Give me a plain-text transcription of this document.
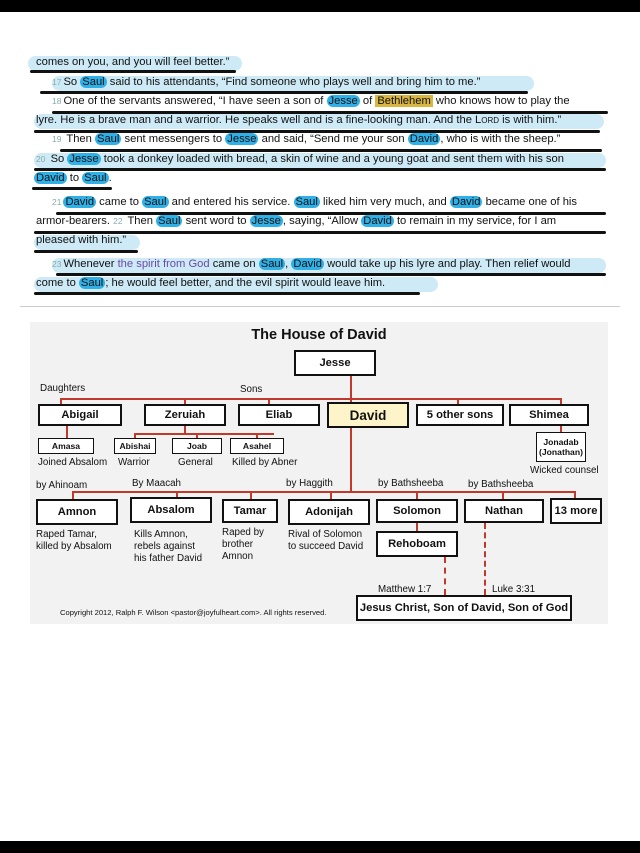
comes on you, and you will feel better.”
17 So Saul said to his attendants, “Find someone who plays well and bring him to me.”
18 One of the servants answered, “I have seen a son of Jesse of Bethlehem who knows how to play the
lyre. He is a brave man and a warrior. He speaks well and is a fine-looking man. And the Lord is with him.”
19 Then Saul sent messengers to Jesse and said, “Send me your son David , who is with the sheep.”
20 So Jesse took a donkey loaded with bread, a skin of wine and a young goat and sent them with his son
David to Saul .
21 David came to Saul and entered his service. Saul liked him very much, and David became one of his
armor-bearers. 22 Then Saul sent word to Jesse , saying, “Allow David to remain in my service, for I am
pleased with him.”
23 Whenever the spirit from God came on Saul , David would take up his lyre and play. Then relief would
come to Saul ; he would feel better, and the evil spirit would leave him.
The House of David
Jesse
Daughters	Sons
Abigail	Zeruiah	Eliab	David	5 other sons	Shimea
Amasa	Abishai	Joab	Asahel	Jonadab
(Jonathan)
Joined Absalom Warrior	General Killed by Abner
Wicked counsel
by Ahinoam	By Maacah	by Haggith	by Bathsheeba	by Bathsheeba
Amnon	Absalom	Tamar	Adonijah	Solomon	Nathan	13 more
Raped Tamar,
killed by Absalom
Kills Amnon,
rebels against
his father David
Raped by
brother
Amnon
Rival of Solomon
to succeed David	Rehoboam
Matthew 1:7	Luke 3:31
Jesus Christ, Son of David, Son of God
Copyright 2012, Ralph F. Wilson <pastor@joyfulheart.com>. All rights reserved.
